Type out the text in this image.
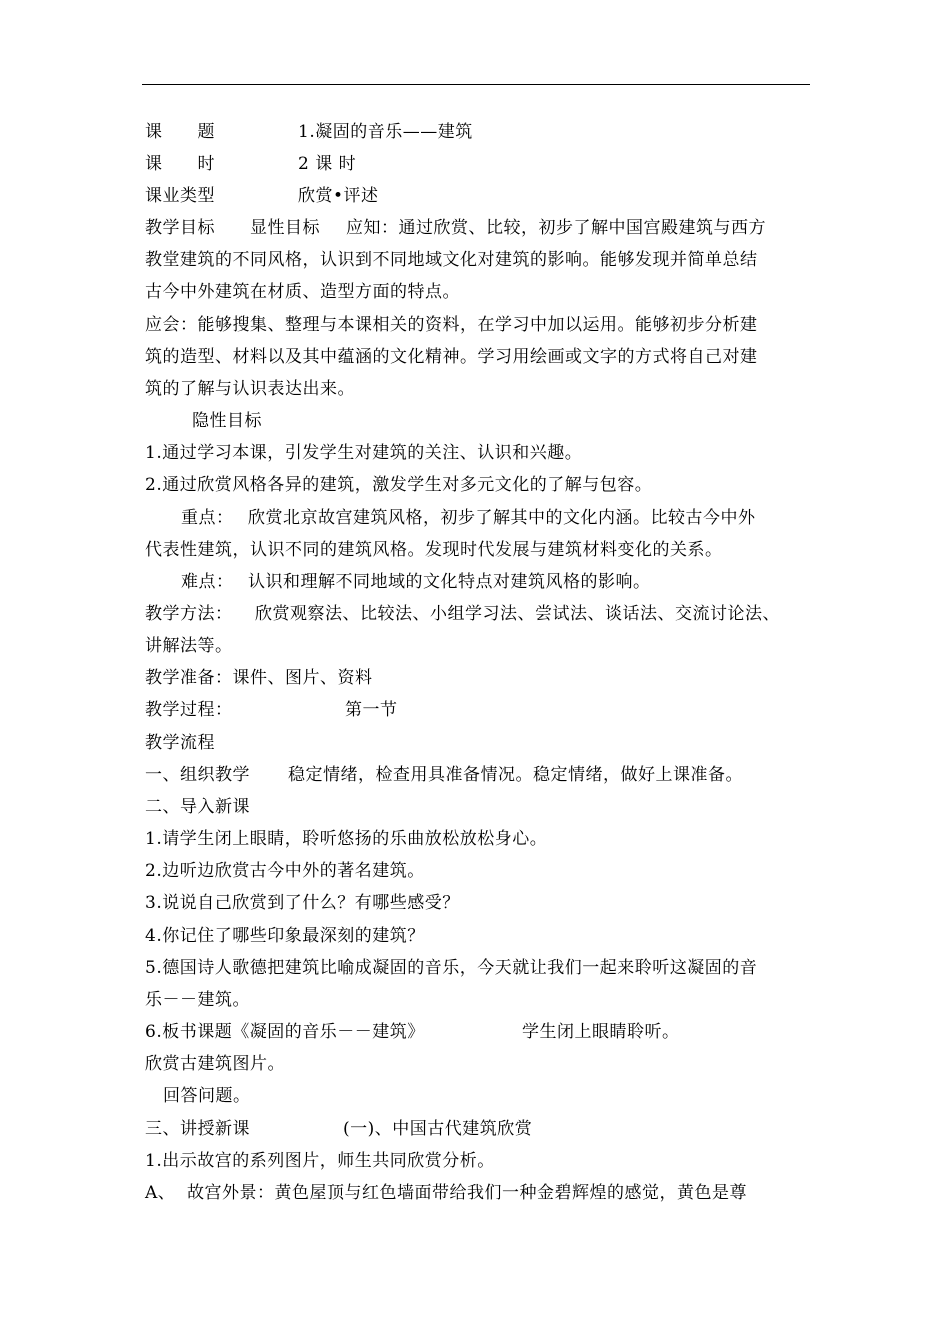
课　　题	1.凝固的音乐——建筑
课　　时	2 课 时
课业类型	欣赏•评述
教学目标 显性目标 应知：通过欣赏、比较，初步了解中国宫殿建筑与西方
教堂建筑的不同风格，认识到不同地域文化对建筑的影响。能够发现并简单总结
古今中外建筑在材质、造型方面的特点。
应会：能够搜集、整理与本课相关的资料，在学习中加以运用。能够初步分析建
筑的造型、材料以及其中蕴涵的文化精神。学习用绘画或文字的方式将自己对建
筑的了解与认识表达出来。
隐性目标
1.通过学习本课，引发学生对建筑的关注、认识和兴趣。
2.通过欣赏风格各异的建筑，激发学生对多元文化的了解与包容。
重点： 欣赏北京故宫建筑风格，初步了解其中的文化内涵。比较古今中外
代表性建筑，认识不同的建筑风格。发现时代发展与建筑材料变化的关系。
难点： 认识和理解不同地域的文化特点对建筑风格的影响。
教学方法： 欣赏观察法、比较法、小组学习法、尝试法、谈话法、交流讨论法、
讲解法等。
教学准备：课件、图片、资料
教学过程：	第一节
教学流程
一、组织教学 稳定情绪，检查用具准备情况。稳定情绪，做好上课准备。
二、导入新课
1.请学生闭上眼睛，聆听悠扬的乐曲放松放松身心。
2.边听边欣赏古今中外的著名建筑。
3.说说自己欣赏到了什么？有哪些感受？
4.你记住了哪些印象最深刻的建筑？
5.德国诗人歌德把建筑比喻成凝固的音乐，今天就让我们一起来聆听这凝固的音
乐－－建筑。
6.板书课题《凝固的音乐－－建筑》	学生闭上眼睛聆听。
欣赏古建筑图片。
回答问题。
三、讲授新课	(一)、中国古代建筑欣赏
1.出示故宫的系列图片，师生共同欣赏分析。
A、 故宫外景：黄色屋顶与红色墙面带给我们一种金碧辉煌的感觉，黄色是尊
